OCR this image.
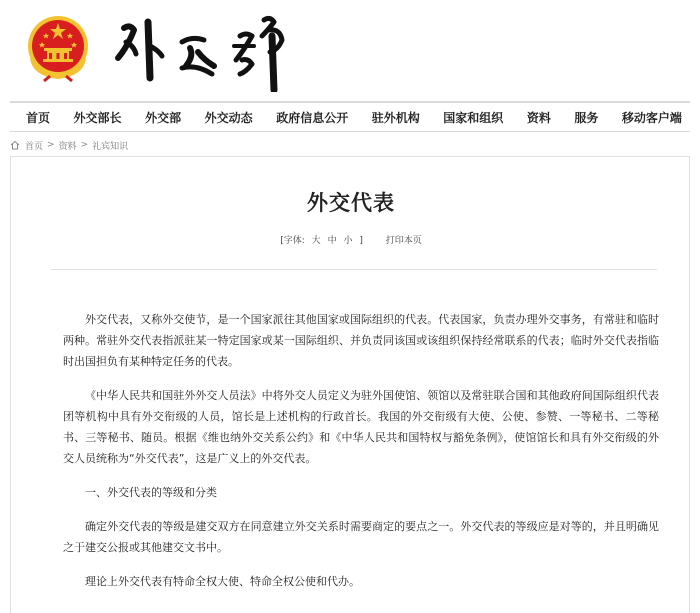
首页 外交部长 外交部 外交动态 政府信息公开 驻外机构 国家和组织 资料 服务 移动客户端
首页 > 资料 > 礼宾知识
外交代表
[字体: 大 中 小 ]	打印本页

外交代表，又称外交使节，是一个国家派往其他国家或国际组织的代表。代表国家，负责办理外交事务，有常驻和临时两种。常驻外交代表指派驻某一特定国家或某一国际组织、并负责同该国或该组织保持经常联系的代表；临时外交代表指临时出国担负有某种特定任务的代表。

《中华人民共和国驻外外交人员法》中将外交人员定义为驻外国使馆、领馆以及常驻联合国和其他政府间国际组织代表团等机构中具有外交衔级的人员，馆长是上述机构的行政首长。我国的外交衔级有大使、公使、参赞、一等秘书、二等秘书、三等秘书、随员。根据《维也纳外交关系公约》和《中华人民共和国特权与豁免条例》，使馆馆长和具有外交衔级的外交人员统称为“外交代表”，这是广义上的外交代表。

一、外交代表的等级和分类

确定外交代表的等级是建交双方在同意建立外交关系时需要商定的要点之一。外交代表的等级应是对等的，并且明确见之于建交公报或其他建交文书中。

理论上外交代表有特命全权大使、特命全权公使和代办。
